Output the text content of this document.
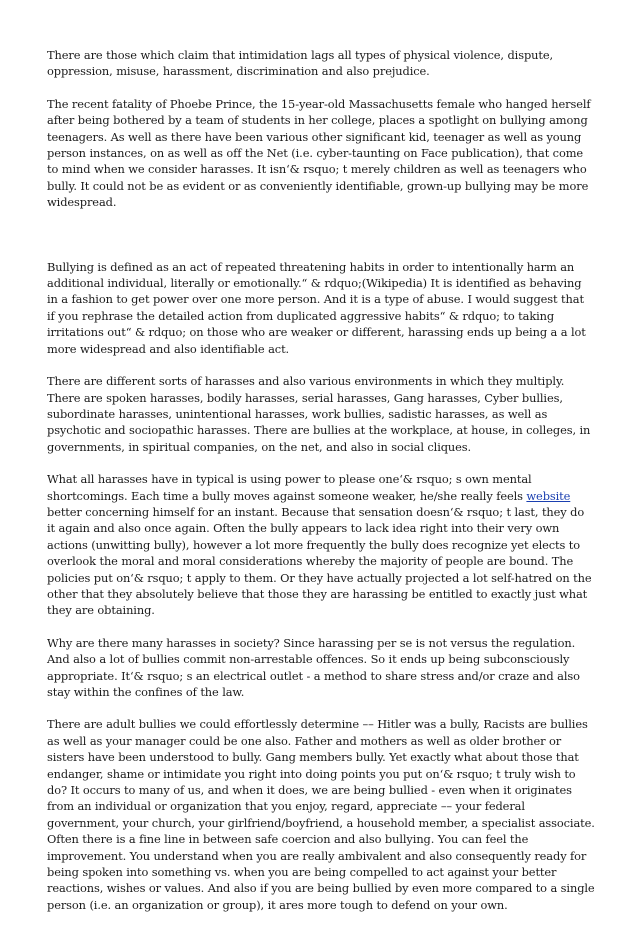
There are those which claim that intimidation lags all types of physical violence, dispute, oppression, misuse, harassment, discrimination and also prejudice.

The recent fatality of Phoebe Prince, the 15-year-old Massachusetts female who hanged herself after being bothered by a team of students in her college, places a spotlight on bullying among teenagers. As well as there have been various other significant kid, teenager as well as young person instances, on as well as off the Net (i.e. cyber-taunting on Face publication), that come to mind when we consider harasses. It isn‘& rsquo; t merely children as well as teenagers who bully. It could not be as evident or as conveniently identifiable, grown-up bullying may be more widespread.

Bullying is defined as an act of repeated threatening habits in order to intentionally harm an additional individual, literally or emotionally.“ & rdquo;(Wikipedia) It is identified as behaving in a fashion to get power over one more person. And it is a type of abuse. I would suggest that if you rephrase the detailed action from duplicated aggressive habits“ & rdquo; to taking irritations out“ & rdquo; on those who are weaker or different, harassing ends up being a a lot more widespread and also identifiable act.

There are different sorts of harasses and also various environments in which they multiply. There are spoken harasses, bodily harasses, serial harasses, Gang harasses, Cyber bullies, subordinate harasses, unintentional harasses, work bullies, sadistic harasses, as well as psychotic and sociopathic harasses. There are bullies at the workplace, at house, in colleges, in governments, in spiritual companies, on the net, and also in social cliques.

What all harasses have in typical is using power to please one‘& rsquo; s own mental shortcomings. Each time a bully moves against someone weaker, he/she really feels website better concerning himself for an instant. Because that sensation doesn‘& rsquo; t last, they do it again and also once again. Often the bully appears to lack idea right into their very own actions (unwitting bully), however a lot more frequently the bully does recognize yet elects to overlook the moral and moral considerations whereby the majority of people are bound. The policies put on‘& rsquo; t apply to them. Or they have actually projected a lot self-hatred on the other that they absolutely believe that those they are harassing be entitled to exactly just what they are obtaining.

Why are there many harasses in society? Since harassing per se is not versus the regulation. And also a lot of bullies commit non-arrestable offences. So it ends up being subconsciously appropriate. It‘& rsquo; s an electrical outlet - a method to share stress and/or craze and also stay within the confines of the law.

There are adult bullies we could effortlessly determine –– Hitler was a bully, Racists are bullies as well as your manager could be one also. Father and mothers as well as older brother or sisters have been understood to bully. Gang members bully. Yet exactly what about those that endanger, shame or intimidate you right into doing points you put on‘& rsquo; t truly wish to do? It occurs to many of us, and when it does, we are being bullied - even when it originates from an individual or organization that you enjoy, regard, appreciate –– your federal government, your church, your girlfriend/boyfriend, a household member, a specialist associate. Often there is a fine line in between safe coercion and also bullying. You can feel the improvement. You understand when you are really ambivalent and also consequently ready for being spoken into something vs. when you are being compelled to act against your better reactions, wishes or values. And also if you are being bullied by even more compared to a single person (i.e. an organization or group), it ares more tough to defend on your own.
